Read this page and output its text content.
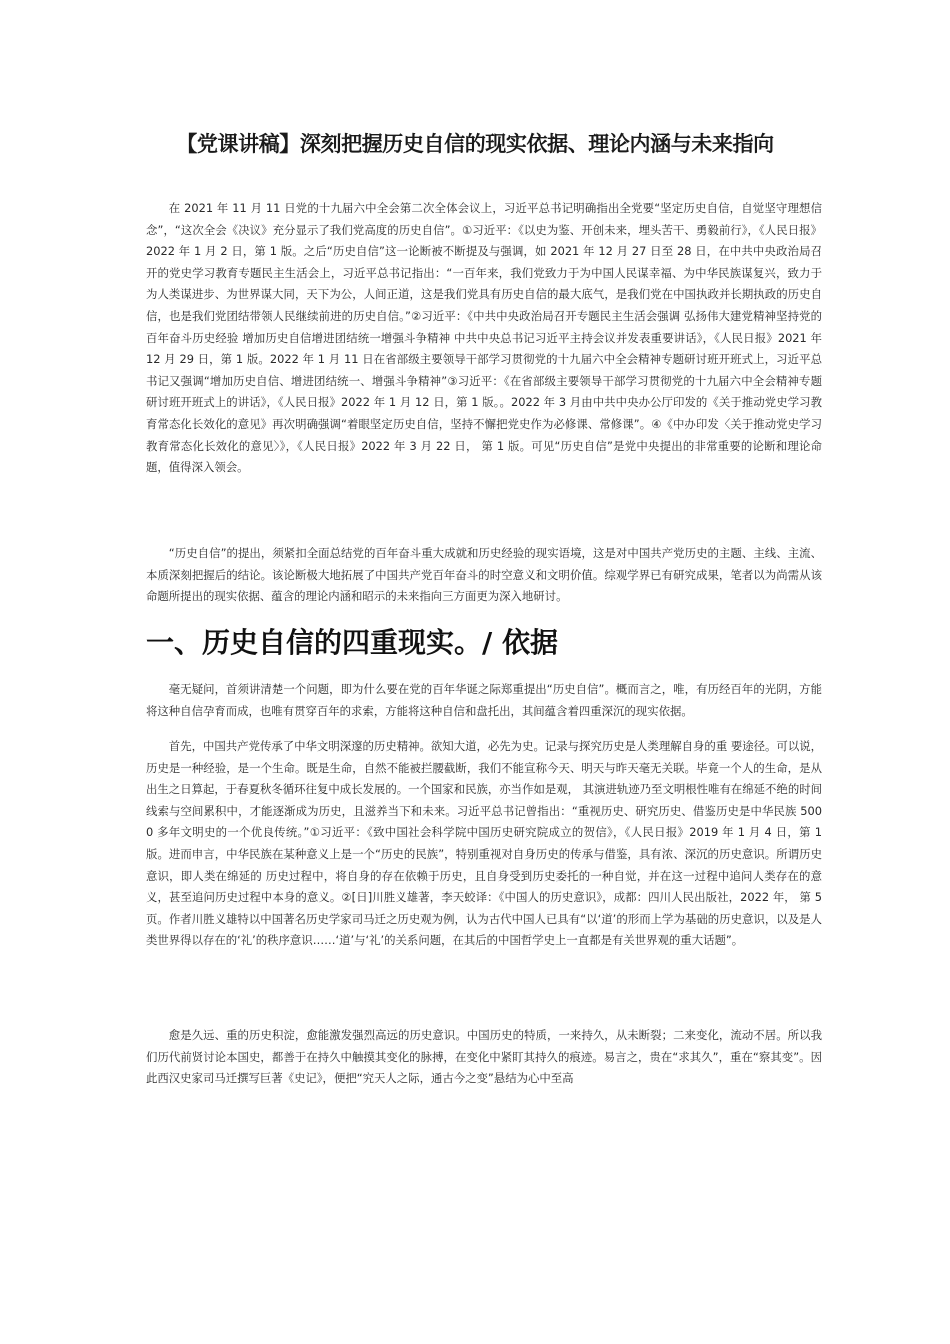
【党课讲稿】深刻把握历史自信的现实依据、理论内涵与未来指向

在 2021 年 11 月 11 日党的十九届六中全会第二次全体会议上，习近平总书记明确指出全党要“坚定历史自信，自觉坚守理想信念”，“这次全会《决议》充分显示了我们党高度的历史自信”。①习近平：《以史为鉴、开创未来，埋头苦干、勇毅前行》，《人民日报》2022 年 1 月 2 日，第 1 版。之后“历史自信”这一论断被不断提及与强调，如 2021 年 12 月 27 日至 28 日，在中共中央政治局召开的党史学习教育专题民主生活会上，习近平总书记指出：“一百年来，我们党致力于为中国人民谋幸福、为中华民族谋复兴，致力于为人类谋进步、为世界谋大同，天下为公，人间正道，这是我们党具有历史自信的最大底气，是我们党在中国执政并长期执政的历史自信，也是我们党团结带领人民继续前进的历史自信。”②习近平：《中共中央政治局召开专题民主生活会强调 弘扬伟大建党精神坚持党的百年奋斗历史经验 增加历史自信增进团结统一增强斗争精神 中共中央总书记习近平主持会议并发表重要讲话》，《人民日报》2021 年 12 月 29 日，第 1 版。2022 年 1 月 11 日在省部级主要领导干部学习贯彻党的十九届六中全会精神专题研讨班开班式上，习近平总书记又强调“增加历史自信、增进团结统一、增强斗争精神”③习近平：《在省部级主要领导干部学习贯彻党的十九届六中全会精神专题研讨班开班式上的讲话》，《人民日报》2022 年 1 月 12 日，第 1 版。。2022 年 3 月由中共中央办公厅印发的《关于推动党史学习教育常态化长效化的意见》再次明确强调“着眼坚定历史自信，坚持不懈把党史作为必修课、常修课”。④《中办印发〈关于推动党史学习教育常态化长效化的意见〉》，《人民日报》2022 年 3 月 22 日， 第 1 版。可见“历史自信”是党中央提出的非常重要的论断和理论命题，值得深入领会。

“历史自信”的提出，须紧扣全面总结党的百年奋斗重大成就和历史经验的现实语境，这是对中国共产党历史的主题、主线、主流、本质深刻把握后的结论。该论断极大地拓展了中国共产党百年奋斗的时空意义和文明价值。综观学界已有研究成果，笔者以为尚需从该命题所提出的现实依据、蕴含的理论内涵和昭示的未来指向三方面更为深入地研讨。

一、历史自信的四重现实。/ 依据

毫无疑问，首须讲清楚一个问题，即为什么要在党的百年华诞之际郑重提出“历史自信”。概而言之，唯，有历经百年的光阴，方能将这种自信孕育而成，也唯有贯穿百年的求索，方能将这种自信和盘托出，其间蕴含着四重深沉的现实依据。

首先，中国共产党传承了中华文明深邃的历史精神。欲知大道，必先为史。记录与探究历史是人类理解自身的重 要途径。可以说，历史是一种经验，是一个生命。既是生命，自然不能被拦腰截断，我们不能宣称今天、明天与昨天毫无关联。毕竟一个人的生命，是从出生之日算起，于春夏秋冬循环往复中成长发展的。一个国家和民族，亦当作如是观， 其演进轨迹乃至文明根性唯有在绵延不绝的时间线索与空间累积中，才能逐渐成为历史，且滋养当下和未来。习近平总书记曾指出：“重视历史、研究历史、借鉴历史是中华民族 5000 多年文明史的一个优良传统。”①习近平：《致中国社会科学院中国历史研究院成立的贺信》，《人民日报》2019 年 1 月 4 日，第 1 版。进而申言，中华民族在某种意义上是一个“历史的民族”，特别重视对自身历史的传承与借鉴，具有浓、深沉的历史意识。所谓历史意识，即人类在绵延的 历史过程中，将自身的存在依赖于历史，且自身受到历史委托的一种自觉，并在这一过程中追问人类存在的意义，甚至追问历史过程中本身的意义。②[日]川胜义雄著，李天蛟译：《中国人的历史意识》，成都：四川人民出版社，2022 年， 第 5 页。作者川胜义雄特以中国著名历史学家司马迁之历史观为例，认为古代中国人已具有“以‘道’的形而上学为基础的历史意识，以及是人类世界得以存在的‘礼’的秩序意识……‘道’与‘礼’的关系问题，在其后的中国哲学史上一直都是有关世界观的重大话题”。

愈是久远、重的历史积淀，愈能激发强烈高远的历史意识。中国历史的特质，一来持久，从未断裂；二来变化，流动不居。所以我们历代前贤讨论本国史，都善于在持久中触摸其变化的脉搏，在变化中紧盯其持久的痕迹。易言之，贵在“求其久”，重在“察其变”。因此西汉史家司马迁撰写巨著《史记》，便把“究天人之际，通古今之变”悬结为心中至高
